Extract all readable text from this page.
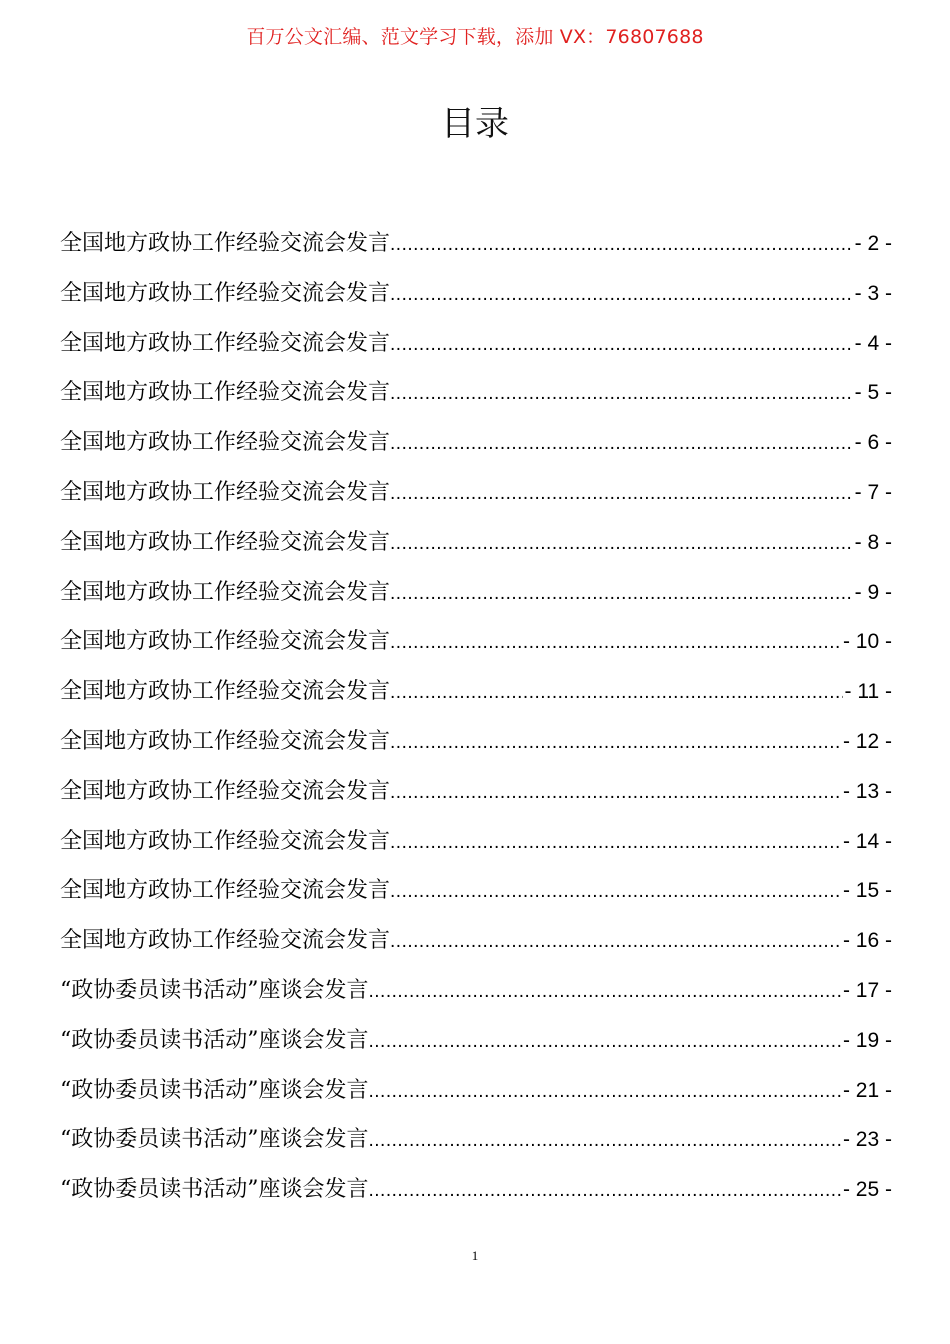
百万公文汇编、范文学习下载，添加 VX：76807688
目录
全国地方政协工作经验交流会发言 .....	- 2 -
全国地方政协工作经验交流会发言 .....	- 3 -
全国地方政协工作经验交流会发言 .....	- 4 -
全国地方政协工作经验交流会发言 .....	- 5 -
全国地方政协工作经验交流会发言 .....	- 6 -
全国地方政协工作经验交流会发言 .....	- 7 -
全国地方政协工作经验交流会发言 .....	- 8 -
全国地方政协工作经验交流会发言 .....	- 9 -
全国地方政协工作经验交流会发言 .....	- 10 -
全国地方政协工作经验交流会发言 .....	- 11 -
全国地方政协工作经验交流会发言 .....	- 12 -
全国地方政协工作经验交流会发言 .....	- 13 -
全国地方政协工作经验交流会发言 .....	- 14 -
全国地方政协工作经验交流会发言 .....	- 15 -
全国地方政协工作经验交流会发言 .....	- 16 -
“政协委员读书活动”座谈会发言 .....	- 17 -
“政协委员读书活动”座谈会发言 .....	- 19 -
“政协委员读书活动”座谈会发言 .....	- 21 -
“政协委员读书活动”座谈会发言 .....	- 23 -
“政协委员读书活动”座谈会发言 .....	- 25 -
1
